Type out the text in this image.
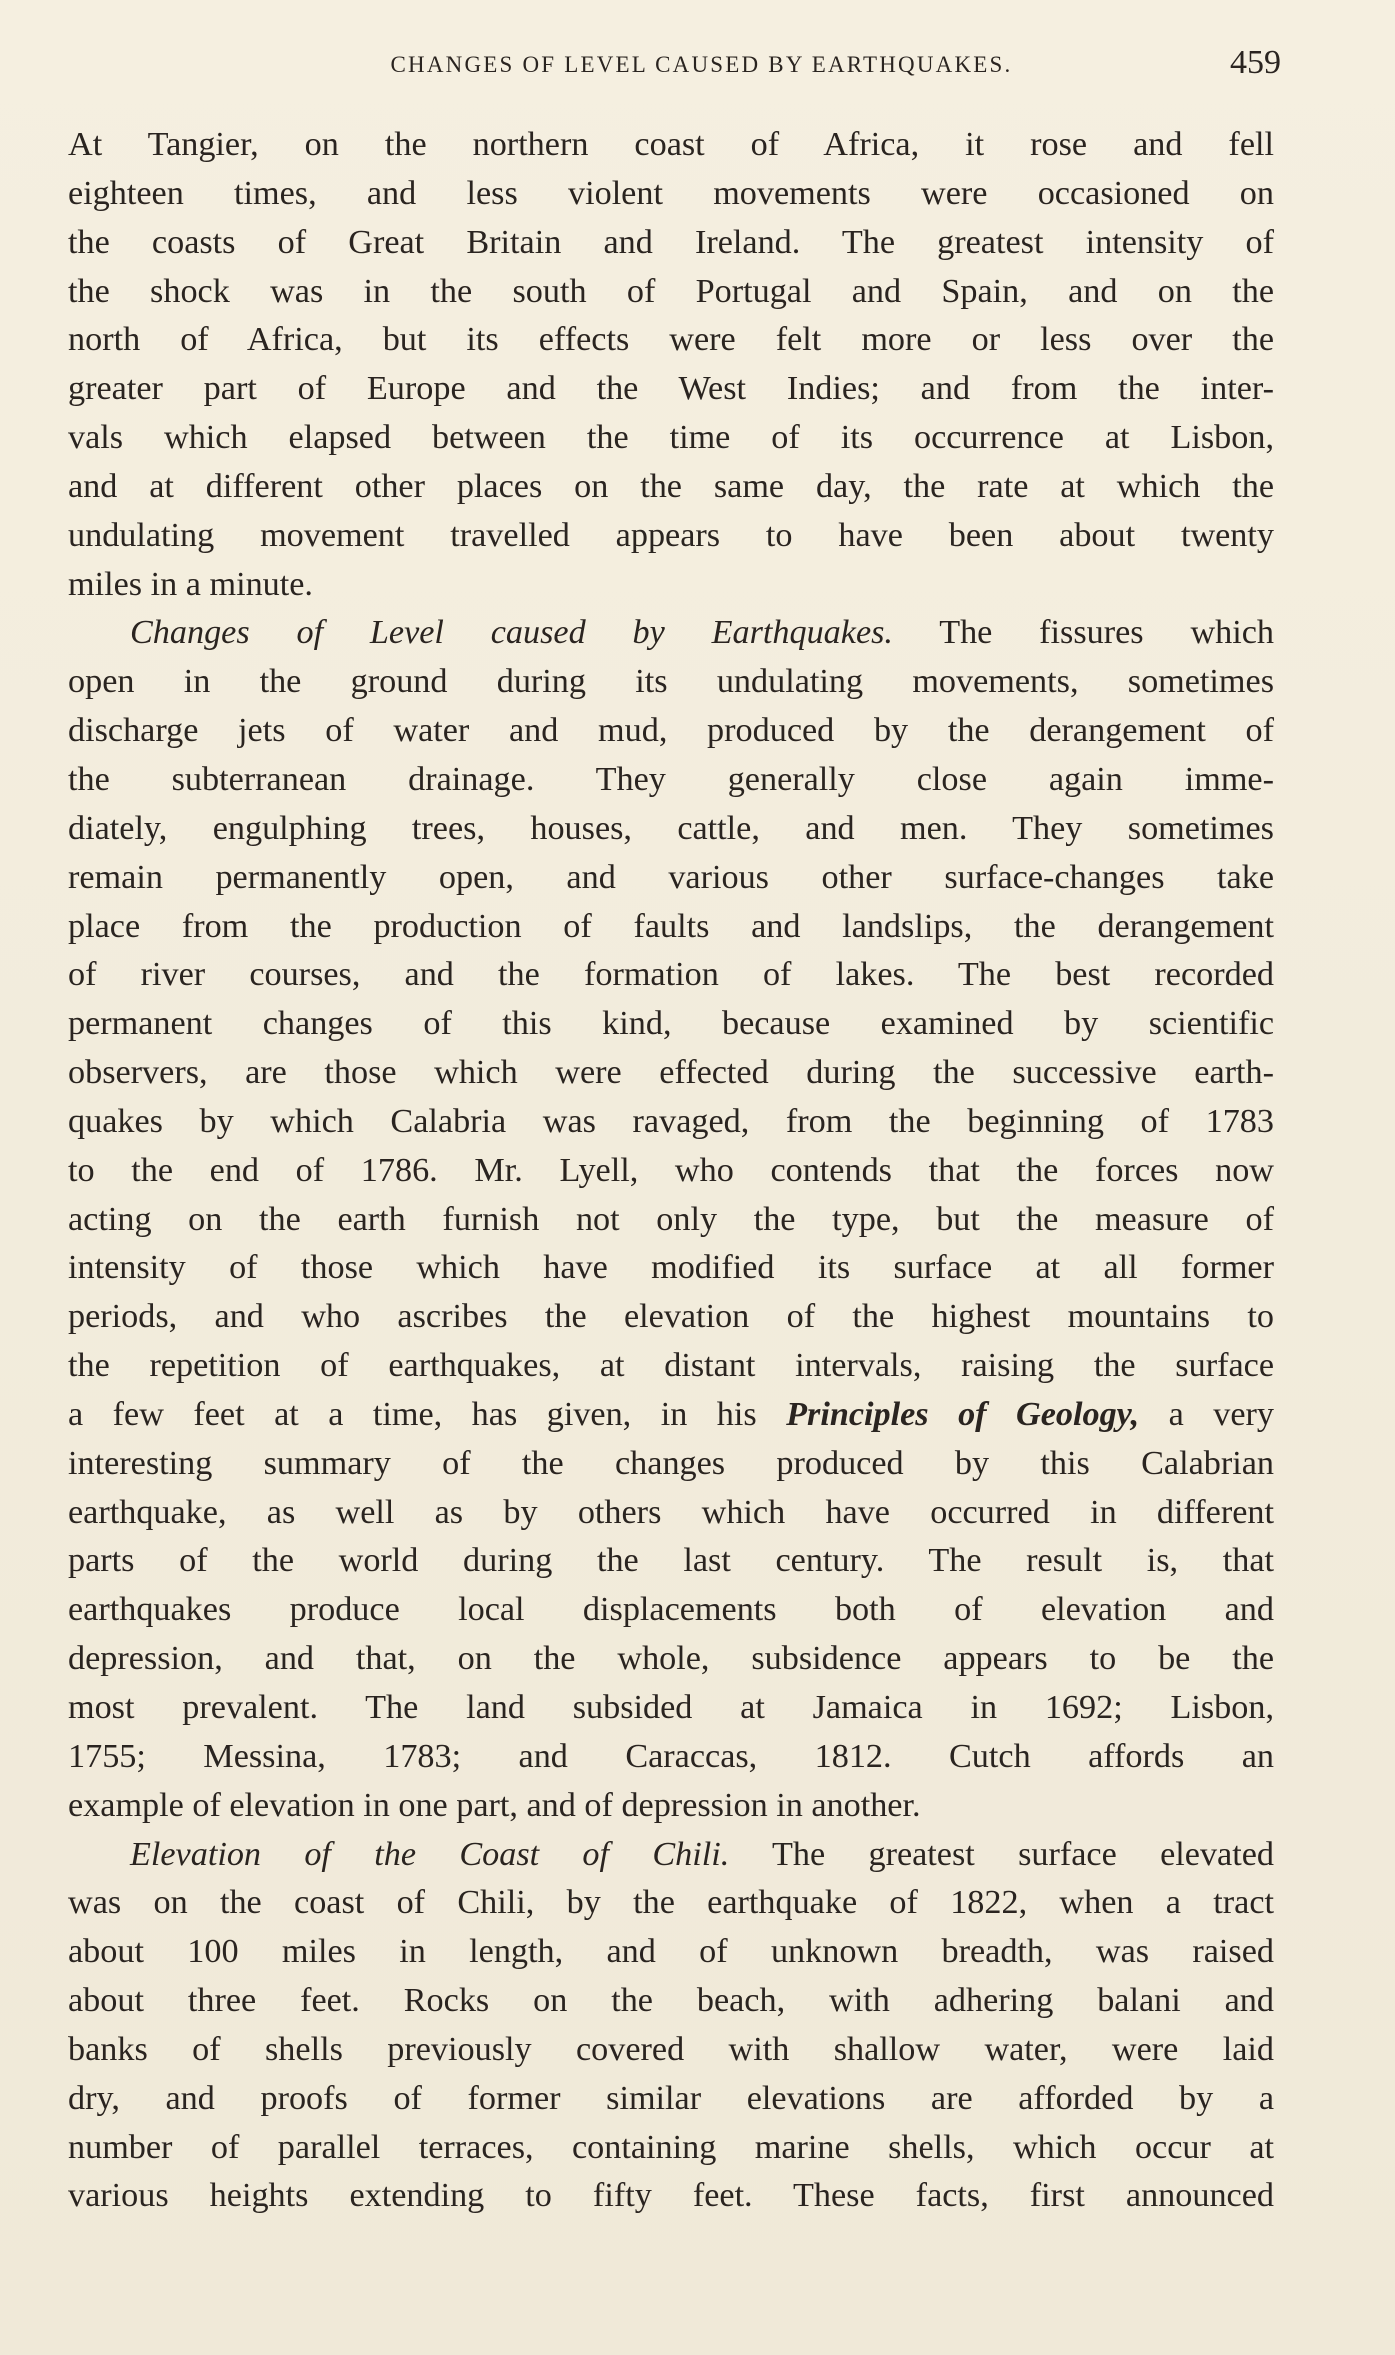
CHANGES OF LEVEL CAUSED BY EARTHQUAKES.	459

At Tangier, on the northern coast of Africa, it rose and fell
eighteen times, and less violent movements were occasioned on
the coasts of Great Britain and Ireland. The greatest intensity of
the shock was in the south of Portugal and Spain, and on the
north of Africa, but its effects were felt more or less over the
greater part of Europe and the West Indies; and from the inter-
vals which elapsed between the time of its occurrence at Lisbon,
and at different other places on the same day, the rate at which the
undulating movement travelled appears to have been about twenty
miles in a minute.

Changes of Level caused by Earthquakes. The fissures which
open in the ground during its undulating movements, sometimes
discharge jets of water and mud, produced by the derangement of
the subterranean drainage. They generally close again imme-
diately, engulphing trees, houses, cattle, and men. They sometimes
remain permanently open, and various other surface-changes take
place from the production of faults and landslips, the derangement
of river courses, and the formation of lakes. The best recorded
permanent changes of this kind, because examined by scientific
observers, are those which were effected during the successive earth-
quakes by which Calabria was ravaged, from the beginning of 1783
to the end of 1786. Mr. Lyell, who contends that the forces now
acting on the earth furnish not only the type, but the measure of
intensity of those which have modified its surface at all former
periods, and who ascribes the elevation of the highest mountains to
the repetition of earthquakes, at distant intervals, raising the surface
a few feet at a time, has given, in his Principles of Geology, a very
interesting summary of the changes produced by this Calabrian
earthquake, as well as by others which have occurred in different
parts of the world during the last century. The result is, that
earthquakes produce local displacements both of elevation and
depression, and that, on the whole, subsidence appears to be the
most prevalent. The land subsided at Jamaica in 1692; Lisbon,
1755; Messina, 1783; and Caraccas, 1812. Cutch affords an
example of elevation in one part, and of depression in another.

Elevation of the Coast of Chili. The greatest surface elevated
was on the coast of Chili, by the earthquake of 1822, when a tract
about 100 miles in length, and of unknown breadth, was raised
about three feet. Rocks on the beach, with adhering balani and
banks of shells previously covered with shallow water, were laid
dry, and proofs of former similar elevations are afforded by a
number of parallel terraces, containing marine shells, which occur at
various heights extending to fifty feet. These facts, first announced
